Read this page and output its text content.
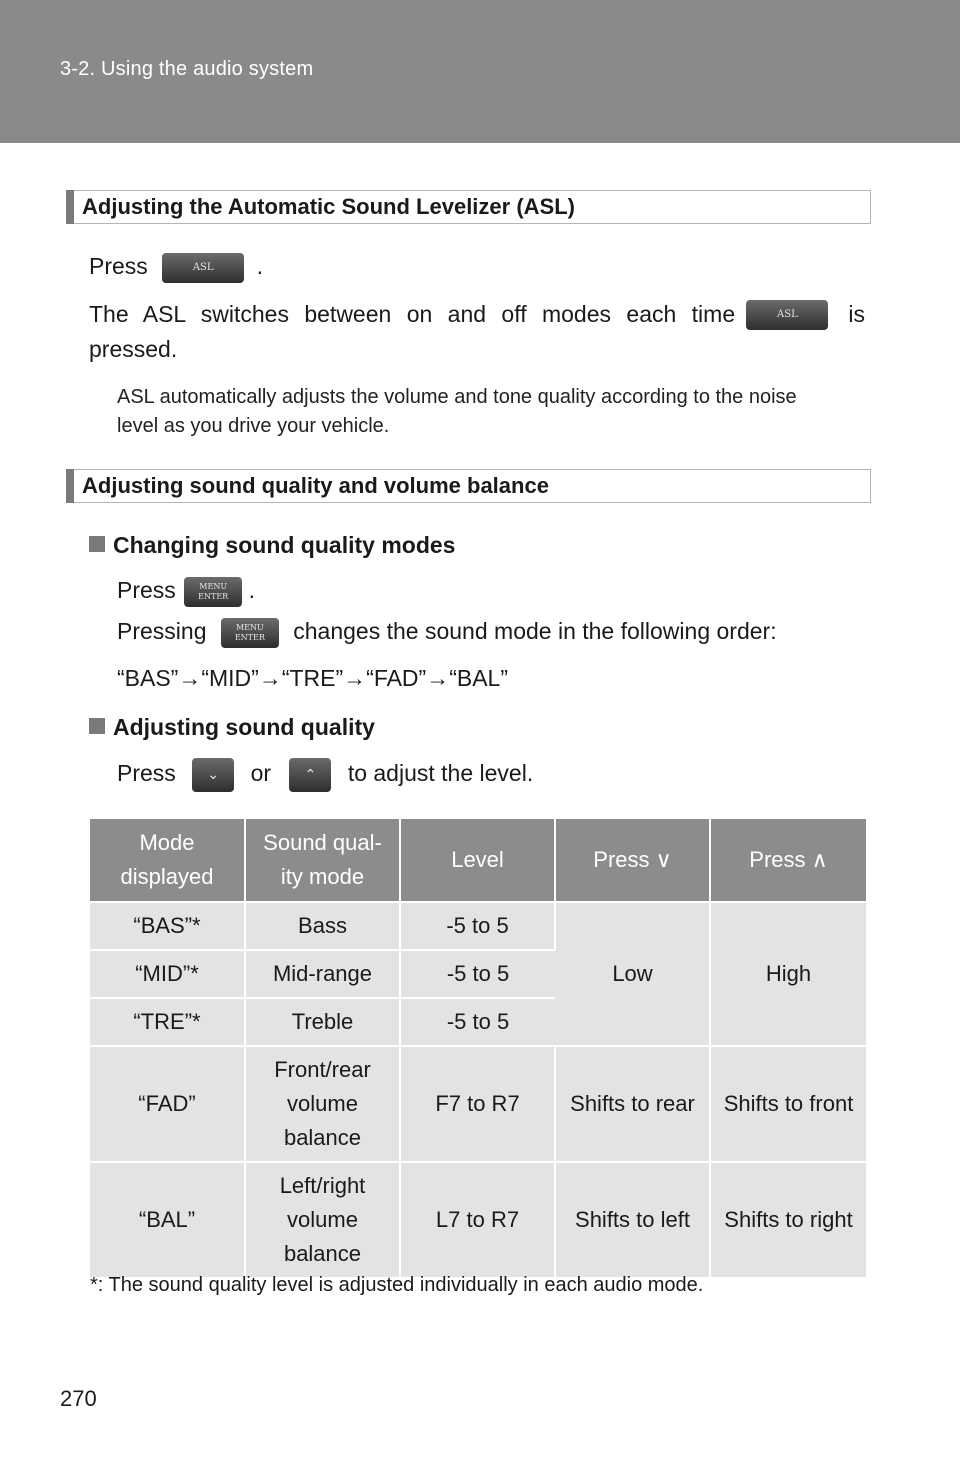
3-2. Using the audio system
Adjusting the Automatic Sound Levelizer (ASL)
Press	ASL .
The ASL switches between on and off modes each time	ASL	is
pressed.
ASL automatically adjusts the volume and tone quality according to the noise
level as you drive your vehicle.
Adjusting sound quality and volume balance
Changing sound quality modes
Press	MENU
ENTER .
Pressing	MENU
ENTER changes the sound mode in the following order:
“BAS”→“MID”→“TRE”→“FAD”→“BAL”
Adjusting sound quality
Press ⌄ or ⌃ to adjust the level.
Mode
displayed	Sound qual-
ity mode	Level	Press ∨	Press ∧
“BAS”*	Bass	-5 to 5	Low	High
“MID”*	Mid-range	-5 to 5		
“TRE”*	Treble	-5 to 5		
“FAD”	Front/rear
volume
balance	F7 to R7	Shifts to rear	Shifts to front
“BAL”	Left/right
volume
balance	L7 to R7	Shifts to left	Shifts to right
*: The sound quality level is adjusted individually in each audio mode.
270
